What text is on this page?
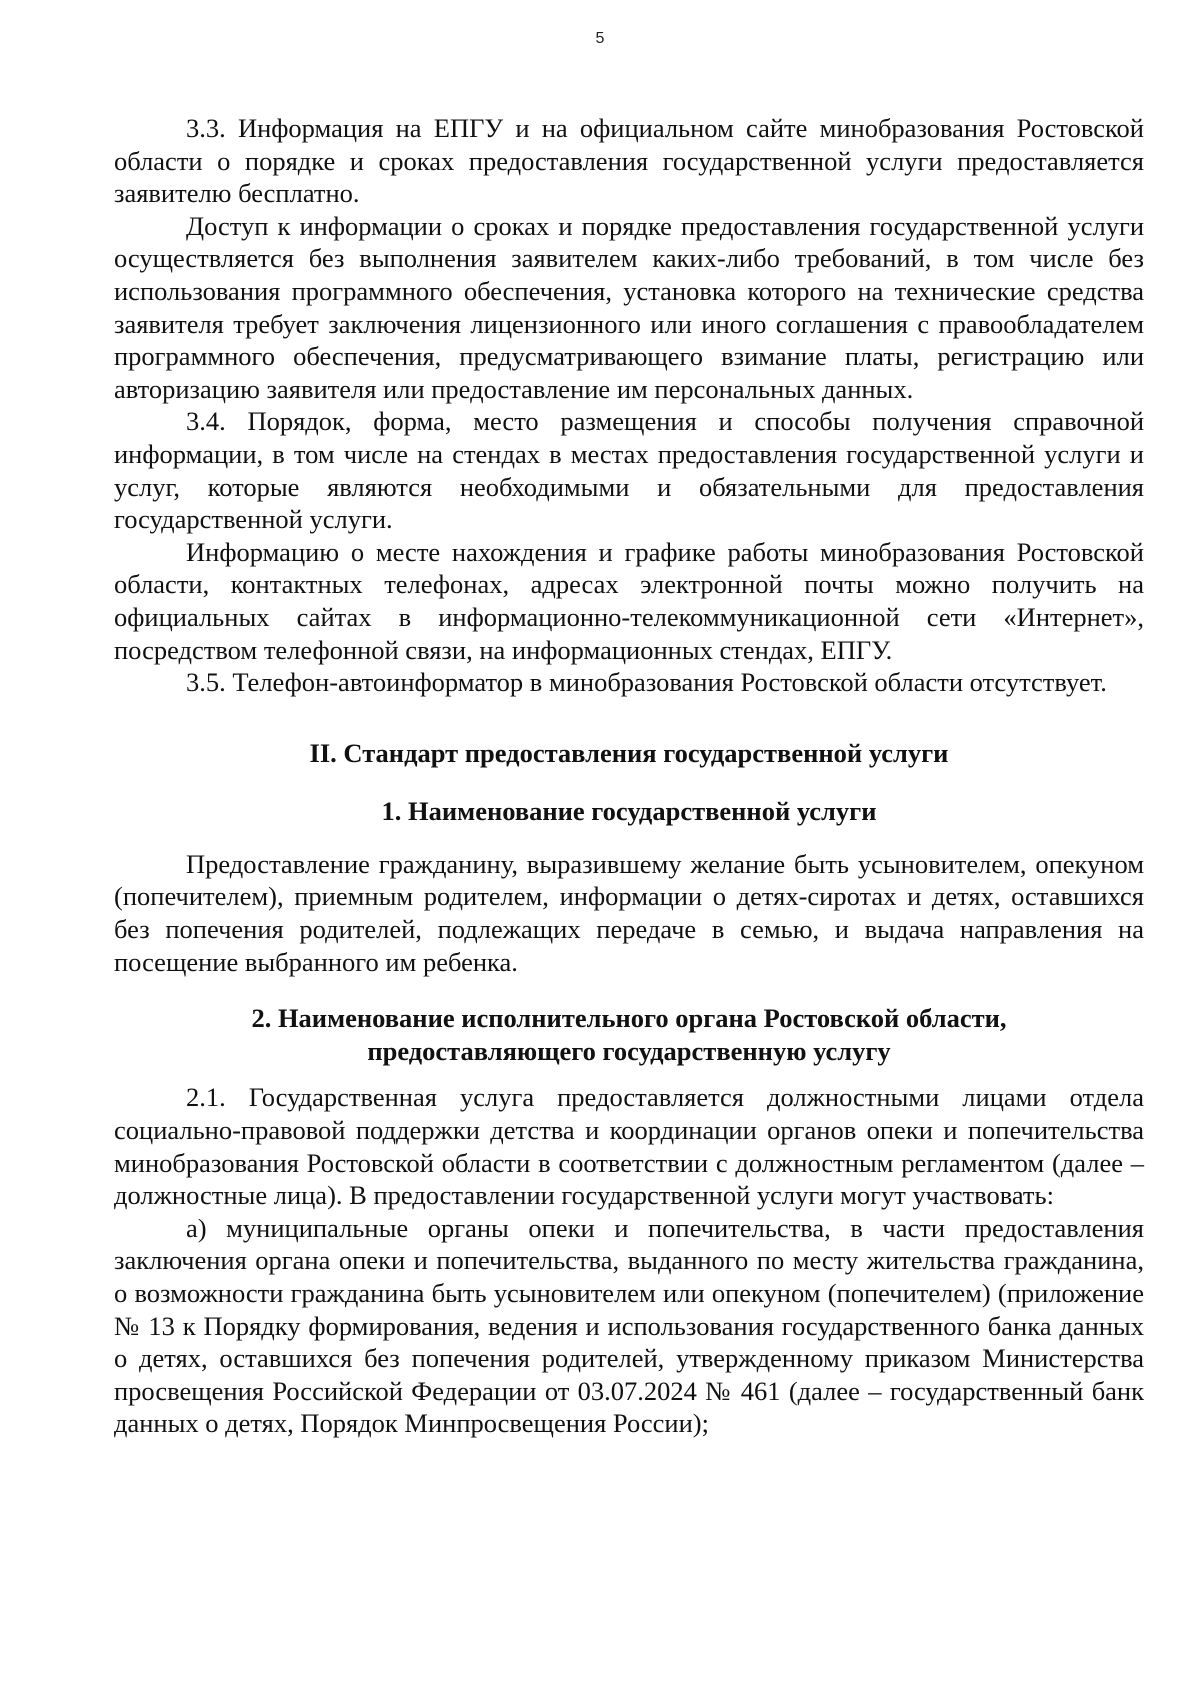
5

3.3. Информация на ЕПГУ и на официальном сайте минобразования Ростовской области о порядке и сроках предоставления государственной услуги предоставляется заявителю бесплатно.

Доступ к информации о сроках и порядке предоставления государственной услуги осуществляется без выполнения заявителем каких-либо требований, в том числе без использования программного обеспечения, установка которого на технические средства заявителя требует заключения лицензионного или иного соглашения с правообладателем программного обеспечения, предусматривающего взимание платы, регистрацию или авторизацию заявителя или предоставление им персональных данных.

3.4. Порядок, форма, место размещения и способы получения справочной информации, в том числе на стендах в местах предоставления государственной услуги и услуг, которые являются необходимыми и обязательными для предоставления государственной услуги.

Информацию о месте нахождения и графике работы минобразования Ростовской области, контактных телефонах, адресах электронной почты можно получить на официальных сайтах в информационно-телекоммуникационной сети «Интернет», посредством телефонной связи, на информационных стендах, ЕПГУ.

3.5. Телефон-автоинформатор в минобразования Ростовской области отсутствует.

II. Стандарт предоставления государственной услуги
1. Наименование государственной услуги

Предоставление гражданину, выразившему желание быть усыновителем, опекуном (попечителем), приемным родителем, информации о детях-сиротах и детях, оставшихся без попечения родителей, подлежащих передаче в семью, и выдача направления на посещение выбранного им ребенка.

2. Наименование исполнительного органа Ростовской области,
предоставляющего государственную услугу

2.1. Государственная услуга предоставляется должностными лицами отдела социально-правовой поддержки детства и координации органов опеки и попечительства минобразования Ростовской области в соответствии с должностным регламентом (далее – должностные лица). В предоставлении государственной услуги могут участвовать:

а) муниципальные органы опеки и попечительства, в части предоставления заключения органа опеки и попечительства, выданного по месту жительства гражданина, о возможности гражданина быть усыновителем или опекуном (попечителем) (приложение № 13 к Порядку формирования, ведения и использования государственного банка данных о детях, оставшихся без попечения родителей, утвержденному приказом Министерства просвещения Российской Федерации от 03.07.2024 № 461 (далее – государственный банк данных о детях, Порядок Минпросвещения России);
